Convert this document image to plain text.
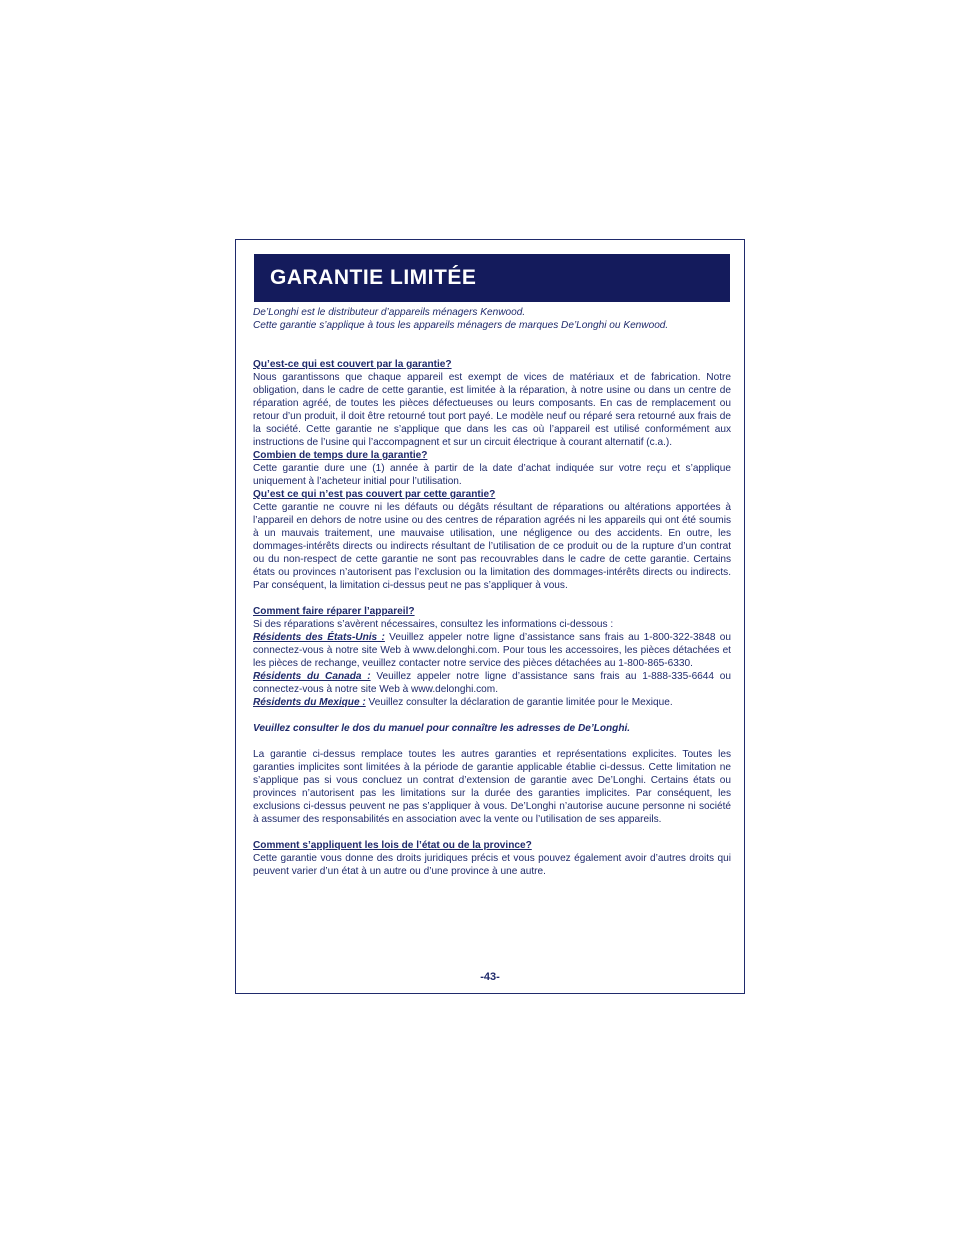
GARANTIE LIMITÉE

De’Longhi est le distributeur d’appareils ménagers Kenwood.

Cette garantie s’applique à tous les appareils ménagers de marques De’Longhi ou Kenwood.

Qu’est-ce qui est couvert par la garantie?

Nous garantissons que chaque appareil est exempt de vices de matériaux et de fabrication. Notre obligation, dans le cadre de cette garantie, est limitée à la réparation, à notre usine ou dans un centre de réparation agréé, de toutes les pièces défectueuses ou leurs composants. En cas de remplacement ou retour d’un produit, il doit être retourné tout port payé. Le modèle neuf ou réparé sera retourné aux frais de la société. Cette garantie ne s’applique que dans les cas où l’appareil est utilisé conformément aux instructions de l’usine qui l’accompagnent et sur un circuit électrique à courant alternatif (c.a.).

Combien de temps dure la garantie?

Cette garantie dure une (1) année à partir de la date d’achat indiquée sur votre reçu et s’applique uniquement à l’acheteur initial pour l’utilisation.

Qu’est ce qui n’est pas couvert par cette garantie?

Cette garantie ne couvre ni les défauts ou dégâts résultant de réparations ou altérations apportées à l’appareil en dehors de notre usine ou des centres de réparation agréés ni les appareils qui ont été soumis à un mauvais traitement, une mauvaise utilisation, une négligence ou des accidents. En outre, les dommages-intérêts directs ou indirects résultant de l’utilisation de ce produit ou de la rupture d’un contrat ou du non-respect de cette garantie ne sont pas recouvrables dans le cadre de cette garantie. Certains états ou provinces n’autorisent pas l’exclusion ou la limitation des dommages-intérêts directs ou indirects. Par conséquent, la limitation ci-dessus peut ne pas s’appliquer à vous.

Comment faire réparer l’appareil?

Si des réparations s’avèrent nécessaires, consultez les informations ci-dessous :

Résidents des États-Unis : Veuillez appeler notre ligne d’assistance sans frais au 1-800-322-3848 ou connectez-vous à notre site Web à www.delonghi.com. Pour tous les accessoires, les pièces détachées et les pièces de rechange, veuillez contacter notre service des pièces détachées au 1-800-865-6330.

Résidents du Canada : Veuillez appeler notre ligne d’assistance sans frais au 1-888-335-6644 ou connectez-vous à notre site Web à www.delonghi.com.

Résidents du Mexique : Veuillez consulter la déclaration de garantie limitée pour le Mexique.

Veuillez consulter le dos du manuel pour connaître les adresses de De’Longhi.

La garantie ci-dessus remplace toutes les autres garanties et représentations explicites. Toutes les garanties implicites sont limitées à la période de garantie applicable établie ci-dessus. Cette limitation ne s’applique pas si vous concluez un contrat d’extension de garantie avec De’Longhi. Certains états ou provinces n’autorisent pas les limitations sur la durée des garanties implicites. Par conséquent, les exclusions ci-dessus peuvent ne pas s’appliquer à vous. De’Longhi n’autorise aucune personne ni société à assumer des responsabilités en association avec la vente ou l’utilisation de ses appareils.

Comment s’appliquent les lois de l’état ou de la province?

Cette garantie vous donne des droits juridiques précis et vous pouvez également avoir d’autres droits qui peuvent varier d’un état à un autre ou d’une province à une autre.

-43-
